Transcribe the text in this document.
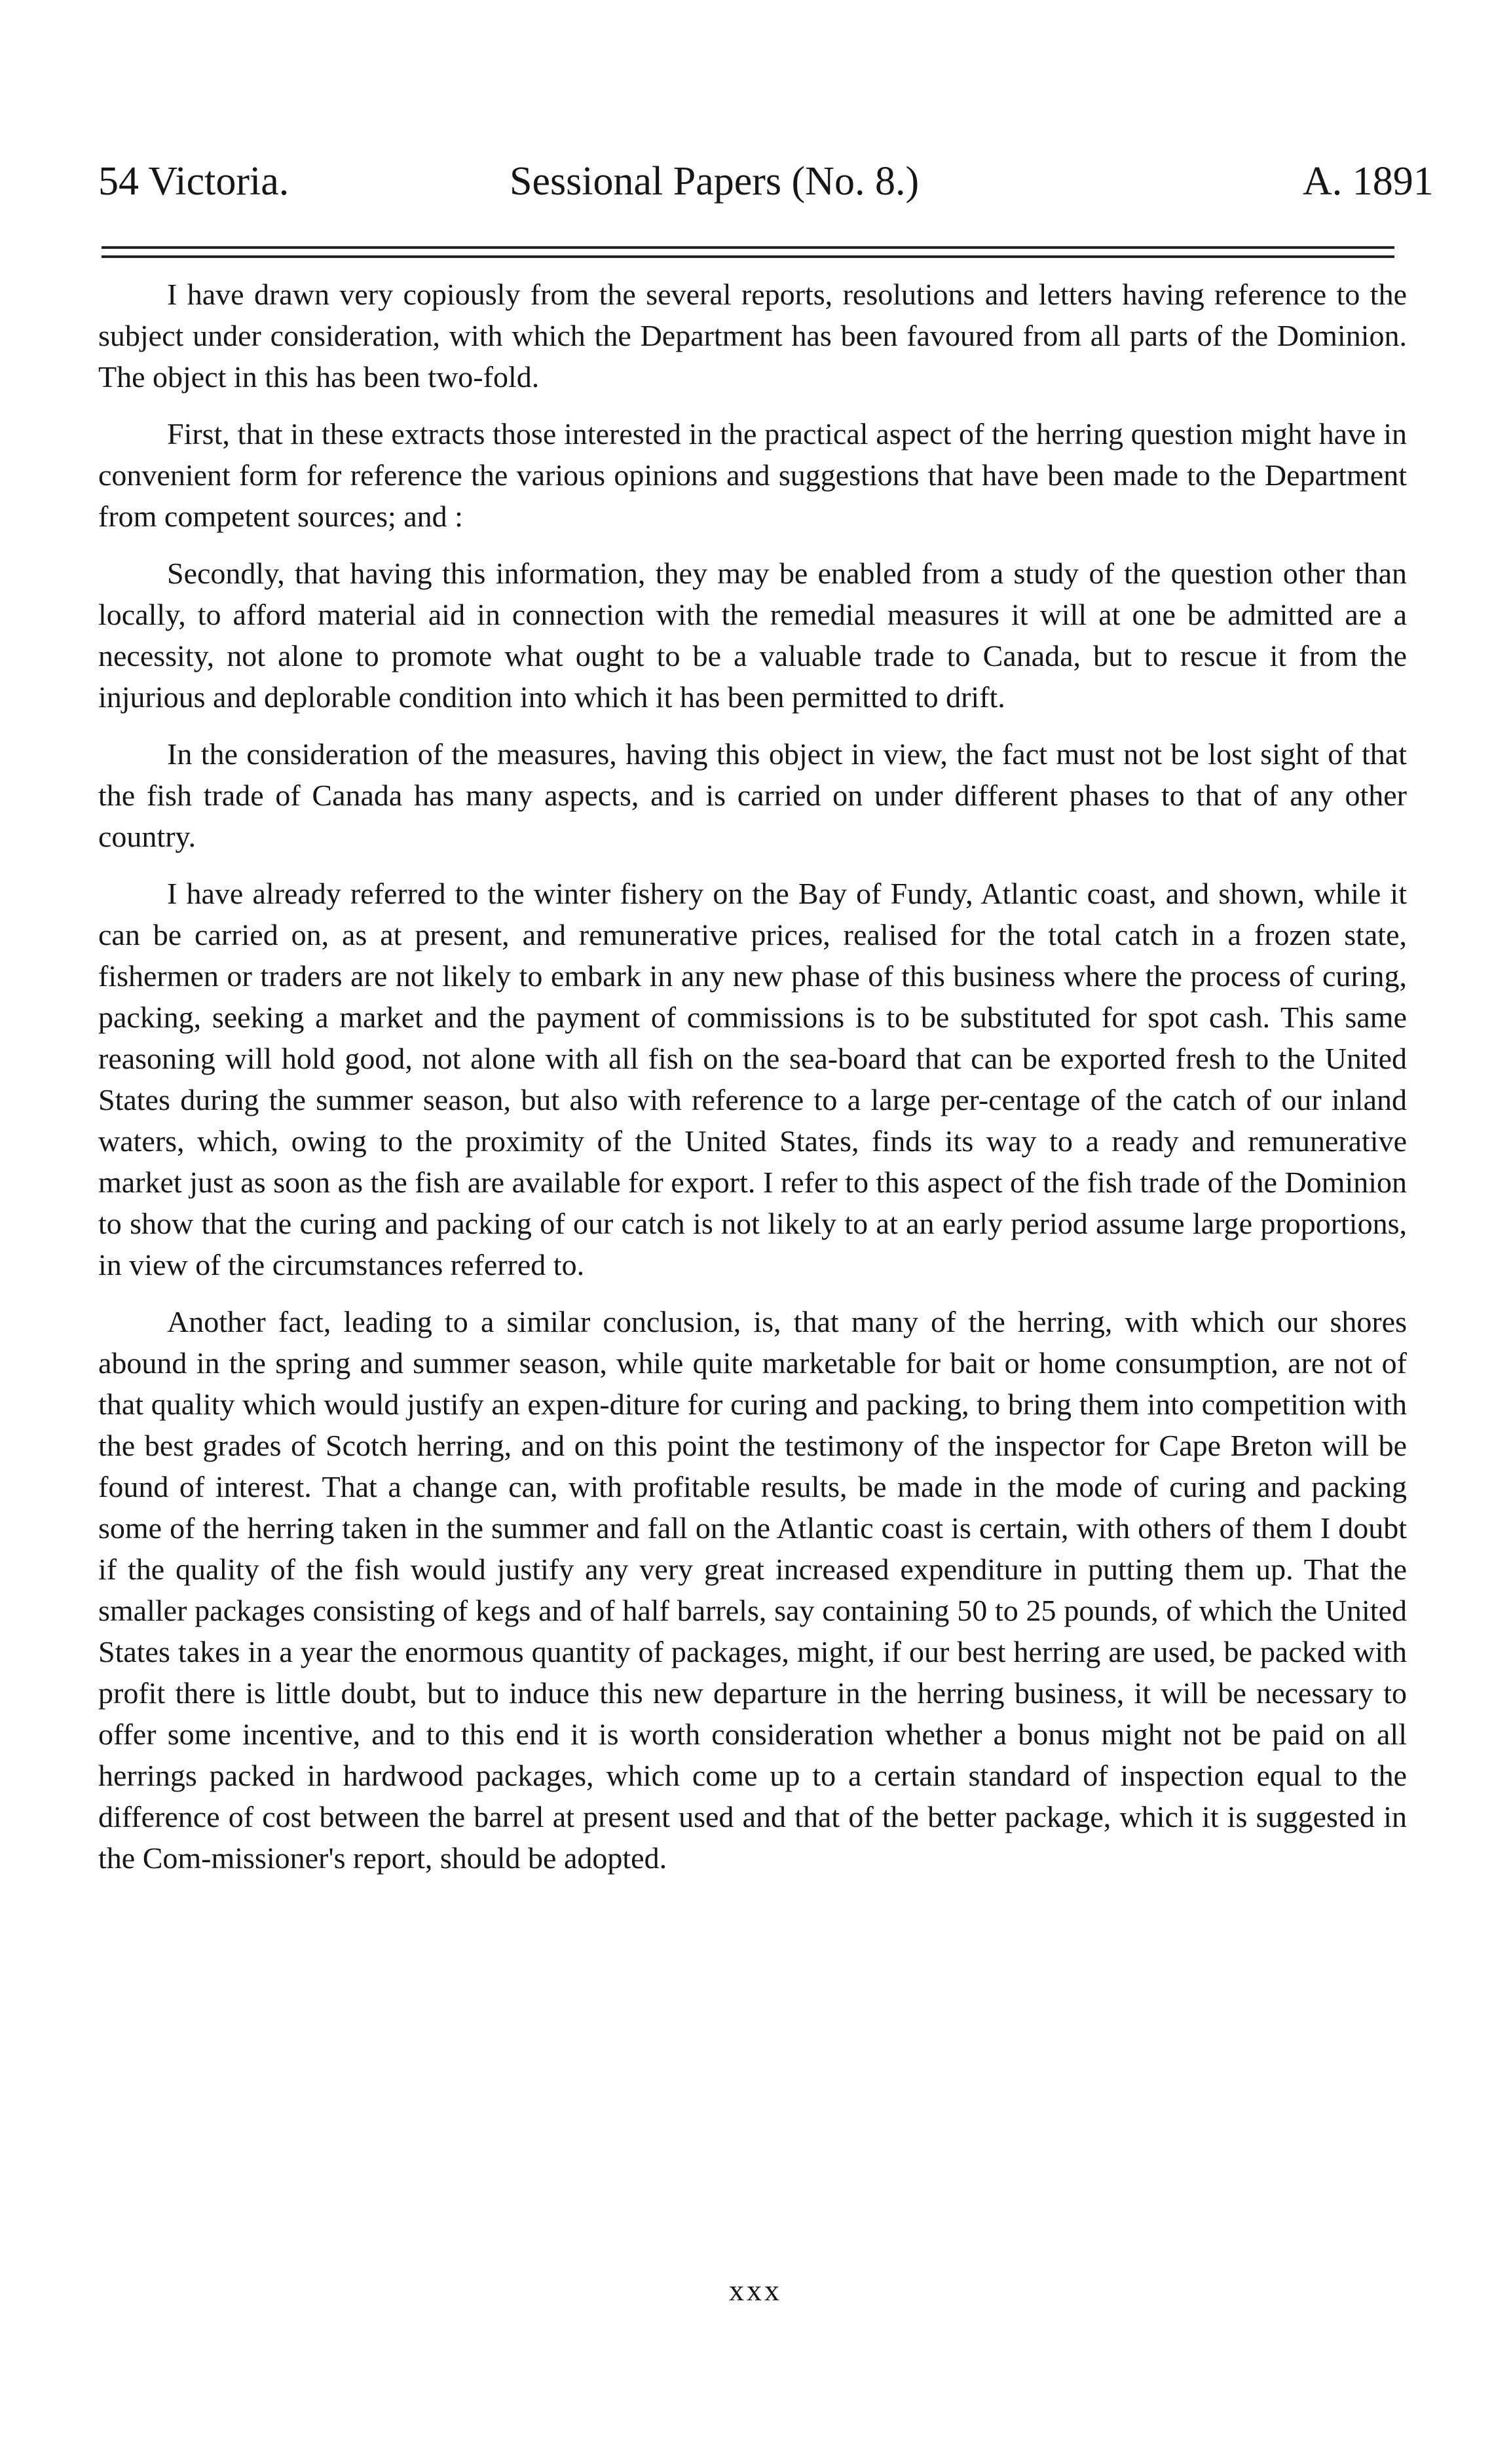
54 Victoria.	Sessional Papers (No. 8.)	A. 1891

I have drawn very copiously from the several reports, resolutions and letters having reference to the subject under consideration, with which the Department has been favoured from all parts of the Dominion. The object in this has been two-fold.

First, that in these extracts those interested in the practical aspect of the herring question might have in convenient form for reference the various opinions and suggestions that have been made to the Department from competent sources; and :

Secondly, that having this information, they may be enabled from a study of the question other than locally, to afford material aid in connection with the remedial measures it will at one be admitted are a necessity, not alone to promote what ought to be a valuable trade to Canada, but to rescue it from the injurious and deplorable condition into which it has been permitted to drift.

In the consideration of the measures, having this object in view, the fact must not be lost sight of that the fish trade of Canada has many aspects, and is carried on under different phases to that of any other country.

I have already referred to the winter fishery on the Bay of Fundy, Atlantic coast, and shown, while it can be carried on, as at present, and remunerative prices, realised for the total catch in a frozen state, fishermen or traders are not likely to embark in any new phase of this business where the process of curing, packing, seeking a market and the payment of commissions is to be substituted for spot cash. This same reasoning will hold good, not alone with all fish on the sea-board that can be exported fresh to the United States during the summer season, but also with reference to a large per-centage of the catch of our inland waters, which, owing to the proximity of the United States, finds its way to a ready and remunerative market just as soon as the fish are available for export. I refer to this aspect of the fish trade of the Dominion to show that the curing and packing of our catch is not likely to at an early period assume large proportions, in view of the circumstances referred to.

Another fact, leading to a similar conclusion, is, that many of the herring, with which our shores abound in the spring and summer season, while quite marketable for bait or home consumption, are not of that quality which would justify an expen-diture for curing and packing, to bring them into competition with the best grades of Scotch herring, and on this point the testimony of the inspector for Cape Breton will be found of interest. That a change can, with profitable results, be made in the mode of curing and packing some of the herring taken in the summer and fall on the Atlantic coast is certain, with others of them I doubt if the quality of the fish would justify any very great increased expenditure in putting them up. That the smaller packages consisting of kegs and of half barrels, say containing 50 to 25 pounds, of which the United States takes in a year the enormous quantity of packages, might, if our best herring are used, be packed with profit there is little doubt, but to induce this new departure in the herring business, it will be necessary to offer some incentive, and to this end it is worth consideration whether a bonus might not be paid on all herrings packed in hardwood packages, which come up to a certain standard of inspection equal to the difference of cost between the barrel at present used and that of the better package, which it is suggested in the Com-missioner's report, should be adopted.

xxx
